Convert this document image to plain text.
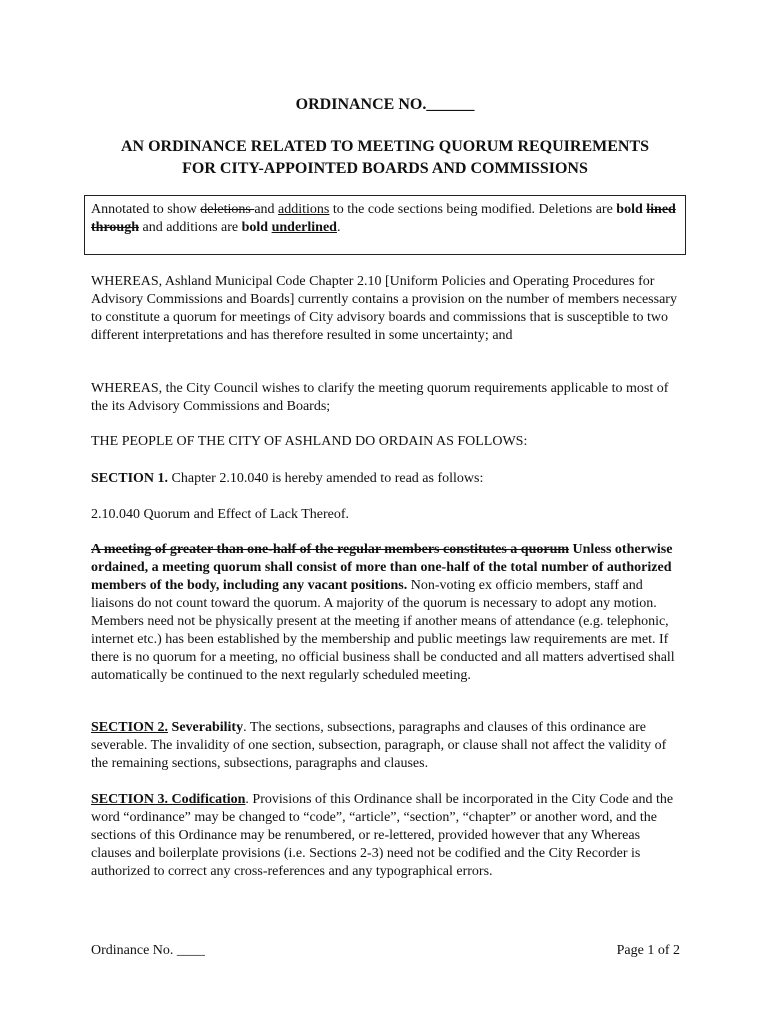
ORDINANCE NO.______
AN ORDINANCE RELATED TO MEETING QUORUM REQUIREMENTS
FOR CITY-APPOINTED BOARDS AND COMMISSIONS
Annotated to show deletions and additions to the code sections being modified. Deletions are bold lined through and additions are bold underlined.
WHEREAS, Ashland Municipal Code Chapter 2.10 [Uniform Policies and Operating Procedures for Advisory Commissions and Boards] currently contains a provision on the number of members necessary to constitute a quorum for meetings of City advisory boards and commissions that is susceptible to two different interpretations and has therefore resulted in some uncertainty; and
WHEREAS, the City Council wishes to clarify the meeting quorum requirements applicable to most of the its Advisory Commissions and Boards;
THE PEOPLE OF THE CITY OF ASHLAND DO ORDAIN AS FOLLOWS:
SECTION 1. Chapter 2.10.040 is hereby amended to read as follows:
2.10.040 Quorum and Effect of Lack Thereof.
A meeting of greater than one-half of the regular members constitutes a quorum Unless otherwise ordained, a meeting quorum shall consist of more than one-half of the total number of authorized members of the body, including any vacant positions. Non-voting ex officio members, staff and liaisons do not count toward the quorum. A majority of the quorum is necessary to adopt any motion. Members need not be physically present at the meeting if another means of attendance (e.g. telephonic, internet etc.) has been established by the membership and public meetings law requirements are met. If there is no quorum for a meeting, no official business shall be conducted and all matters advertised shall automatically be continued to the next regularly scheduled meeting.
SECTION 2. Severability. The sections, subsections, paragraphs and clauses of this ordinance are severable. The invalidity of one section, subsection, paragraph, or clause shall not affect the validity of the remaining sections, subsections, paragraphs and clauses.
SECTION 3. Codification. Provisions of this Ordinance shall be incorporated in the City Code and the word “ordinance” may be changed to “code”, “article”, “section”, “chapter” or another word, and the sections of this Ordinance may be renumbered, or re-lettered, provided however that any Whereas clauses and boilerplate provisions (i.e. Sections 2-3) need not be codified and the City Recorder is authorized to correct any cross-references and any typographical errors.
Ordinance No. ____	Page 1 of 2
